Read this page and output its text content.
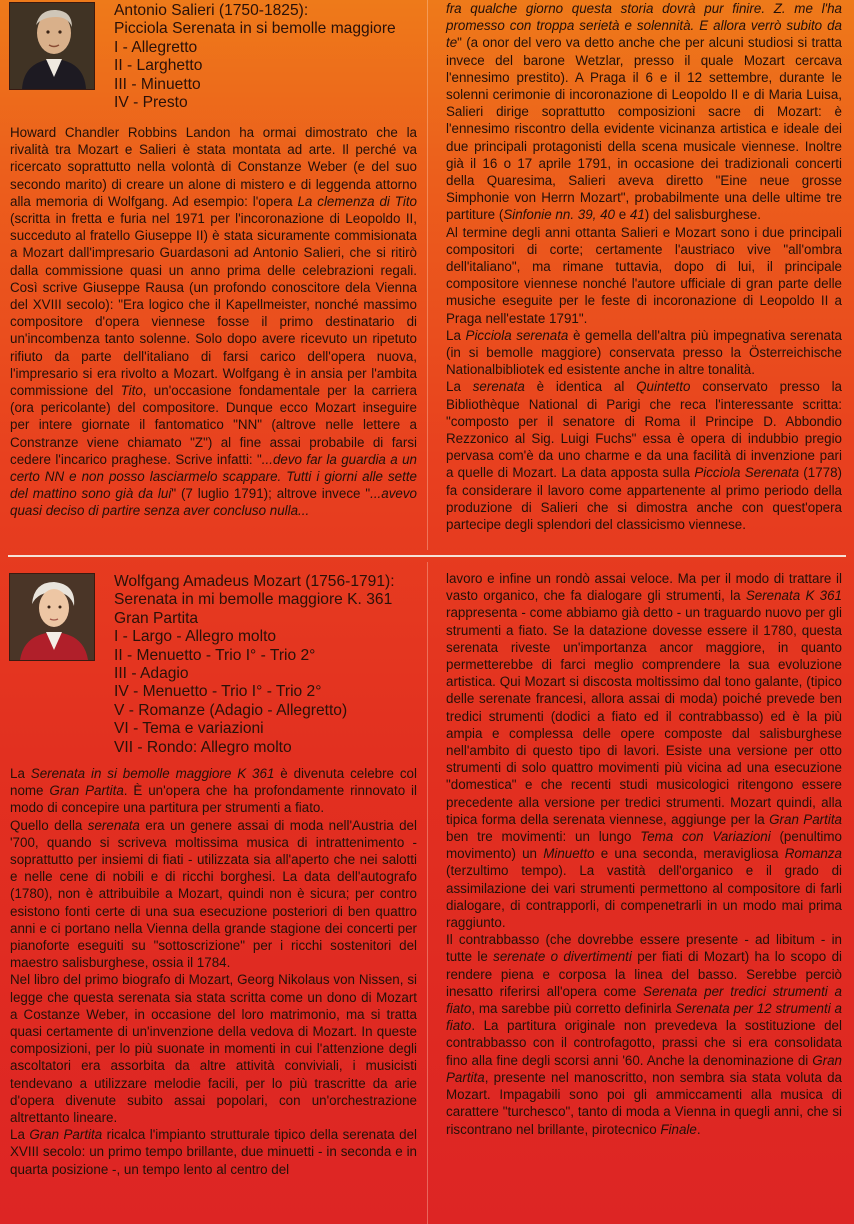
Antonio Salieri (1750-1825):
Picciola Serenata in si bemolle maggiore
I - Allegretto
II - Larghetto
III - Minuetto
IV - Presto

Howard Chandler Robbins Landon ha ormai dimostrato che la rivalità tra Mozart e Salieri è stata montata ad arte. Il perché va ricercato soprattutto nella volontà di Constanze Weber (e del suo secondo marito) di creare un alone di mistero e di leggenda attorno alla memoria di Wolfgang. Ad esempio: l'opera La clemenza di Tito (scritta in fretta e furia nel 1971 per l'incoronazione di Leopoldo II, succeduto al fratello Giuseppe II) è stata sicuramente commisionata a Mozart dall'impresario Guardasoni ad Antonio Salieri, che si ritirò dalla commissione quasi un anno prima delle celebrazioni regali. Così scrive Giuseppe Rausa (un profondo conoscitore dela Vienna del XVIII secolo): "Era logico che il Kapellmeister, nonché massimo compositore d'opera viennese fosse il primo destinatario di un'incombenza tanto solenne. Solo dopo avere ricevuto un ripetuto rifiuto da parte dell'italiano di farsi carico dell'opera nuova, l'impresario si era rivolto a Mozart. Wolfgang è in ansia per l'ambita commissione del Tito, un'occasione fondamentale per la carriera (ora pericolante) del compositore. Dunque ecco Mozart inseguire per intere giornate il fantomatico "NN" (altrove nelle lettere a Constranze viene chiamato "Z") al fine assai probabile di farsi cedere l'incarico praghese. Scrive infatti: "...devo far la guardia a un certo NN e non posso lasciarmelo scappare. Tutti i giorni alle sette del mattino sono già da lui" (7 luglio 1791); altrove invece "...avevo quasi deciso di partire senza aver concluso nulla...

fra qualche giorno questa storia dovrà pur finire. Z. me l'ha promesso con troppa serietà e solennità. E allora verrò subito da te" (a onor del vero va detto anche che per alcuni studiosi si tratta invece del barone Wetzlar, presso il quale Mozart cercava l'ennesimo prestito). A Praga il 6 e il 12 settembre, durante le solenni cerimonie di incoronazione di Leopoldo II e di Maria Luisa, Salieri dirige soprattutto composizioni sacre di Mozart: è l'ennesimo riscontro della evidente vicinanza artistica e ideale dei due principali protagonisti della scena musicale viennese. Inoltre già il 16 o 17 aprile 1791, in occasione dei tradizionali concerti della Quaresima, Salieri aveva diretto "Eine neue grosse Simphonie von Herrn Mozart", probabilmente una delle ultime tre partiture (Sinfonie nn. 39, 40 e 41) del salisburghese.

Al termine degli anni ottanta Salieri e Mozart sono i due principali compositori di corte; certamente l'austriaco vive "all'ombra dell'italiano", ma rimane tuttavia, dopo di lui, il principale compositore viennese nonché l'autore ufficiale di gran parte delle musiche eseguite per le feste di incoronazione di Leopoldo II a Praga nell'estate 1791".

La Picciola serenata è gemella dell'altra più impegnativa serenata (in si bemolle maggiore) conservata presso la Österreichische Nationalbibliotek ed esistente anche in altre tonalità.

La serenata è identica al Quintetto conservato presso la Bibliothèque National di Parigi che reca l'interessante scritta: "composto per il senatore di Roma il Principe D. Abbondio Rezzonico al Sig. Luigi Fuchs" essa è opera di indubbio pregio pervasa com'è da uno charme e da una facilità di invenzione pari a quelle di Mozart. La data apposta sulla Picciola Serenata (1778) fa considerare il lavoro come appartenente al primo periodo della produzione di Salieri che si dimostra anche con quest'opera partecipe degli splendori del classicismo viennese.

Wolfgang Amadeus Mozart (1756-1791):
Serenata in mi bemolle maggiore K. 361
Gran Partita
I - Largo - Allegro molto
II - Menuetto - Trio I° - Trio 2°
III - Adagio
IV - Menuetto - Trio I° - Trio 2°
V - Romanze (Adagio - Allegretto)
VI - Tema e variazioni
VII - Rondo: Allegro molto

La Serenata in si bemolle maggiore K 361 è divenuta celebre col nome Gran Partita. È un'opera che ha profondamente rinnovato il modo di concepire una partitura per strumenti a fiato.

Quello della serenata era un genere assai di moda nell'Austria del '700, quando si scriveva moltissima musica di intrattenimento - soprattutto per insiemi di fiati - utilizzata sia all'aperto che nei salotti e nelle cene di nobili e di ricchi borghesi. La data dell'autografo (1780), non è attribuibile a Mozart, quindi non è sicura; per contro esistono fonti certe di una sua esecuzione posteriori di ben quattro anni e ci portano nella Vienna della grande stagione dei concerti per pianoforte eseguiti su "sottoscrizione" per i ricchi sostenitori del maestro salisburghese, ossia il 1784.

Nel libro del primo biografo di Mozart, Georg Nikolaus von Nissen, si legge che questa serenata sia stata scritta come un dono di Mozart a Costanze Weber, in occasione del loro matrimonio, ma si tratta quasi certamente di un'invenzione della vedova di Mozart. In queste composizioni, per lo più suonate in momenti in cui l'attenzione degli ascoltatori era assorbita da altre attività conviviali, i musicisti tendevano a utilizzare melodie facili, per lo più trascritte da arie d'opera divenute subito assai popolari, con un'orchestrazione altrettanto lineare.

La Gran Partita ricalca l'impianto strutturale tipico della serenata del XVIII secolo: un primo tempo brillante, due minuetti - in seconda e in quarta posizione -, un tempo lento al centro del

lavoro e infine un rondò assai veloce. Ma per il modo di trattare il vasto organico, che fa dialogare gli strumenti, la Serenata K 361 rappresenta - come abbiamo già detto - un traguardo nuovo per gli strumenti a fiato. Se la datazione dovesse essere il 1780, questa serenata riveste un'importanza ancor maggiore, in quanto permetterebbe di farci meglio comprendere la sua evoluzione artistica. Qui Mozart si discosta moltissimo dal tono galante, (tipico delle serenate francesi, allora assai di moda) poiché prevede ben tredici strumenti (dodici a fiato ed il contrabbasso) ed è la più ampia e complessa delle opere composte dal salisburghese nell'ambito di questo tipo di lavori. Esiste una versione per otto strumenti di solo quattro movimenti più vicina ad una esecuzione "domestica" e che recenti studi musicologici ritengono essere precedente alla versione per tredici strumenti. Mozart quindi, alla tipica forma della serenata viennese, aggiunge per la Gran Partita ben tre movimenti: un lungo Tema con Variazioni (penultimo movimento) un Minuetto e una seconda, meravigliosa Romanza (terzultimo tempo). La vastità dell'organico e il grado di assimilazione dei vari strumenti permettono al compositore di farli dialogare, di contrapporli, di compenetrarli in un modo mai prima raggiunto.

Il contrabbasso (che dovrebbe essere presente - ad libitum - in tutte le serenate o divertimenti per fiati di Mozart) ha lo scopo di rendere piena e corposa la linea del basso. Serebbe perciò inesatto riferirsi all'opera come Serenata per tredici strumenti a fiato, ma sarebbe più corretto definirla Serenata per 12 strumenti a fiato. La partitura originale non prevedeva la sostituzione del contrabbasso con il controfagotto, prassi che si era consolidata fino alla fine degli scorsi anni '60. Anche la denominazione di Gran Partita, presente nel manoscritto, non sembra sia stata voluta da Mozart. Impagabili sono poi gli ammiccamenti alla musica di carattere "turchesco", tanto di moda a Vienna in quegli anni, che si riscontrano nel brillante, pirotecnico Finale.
